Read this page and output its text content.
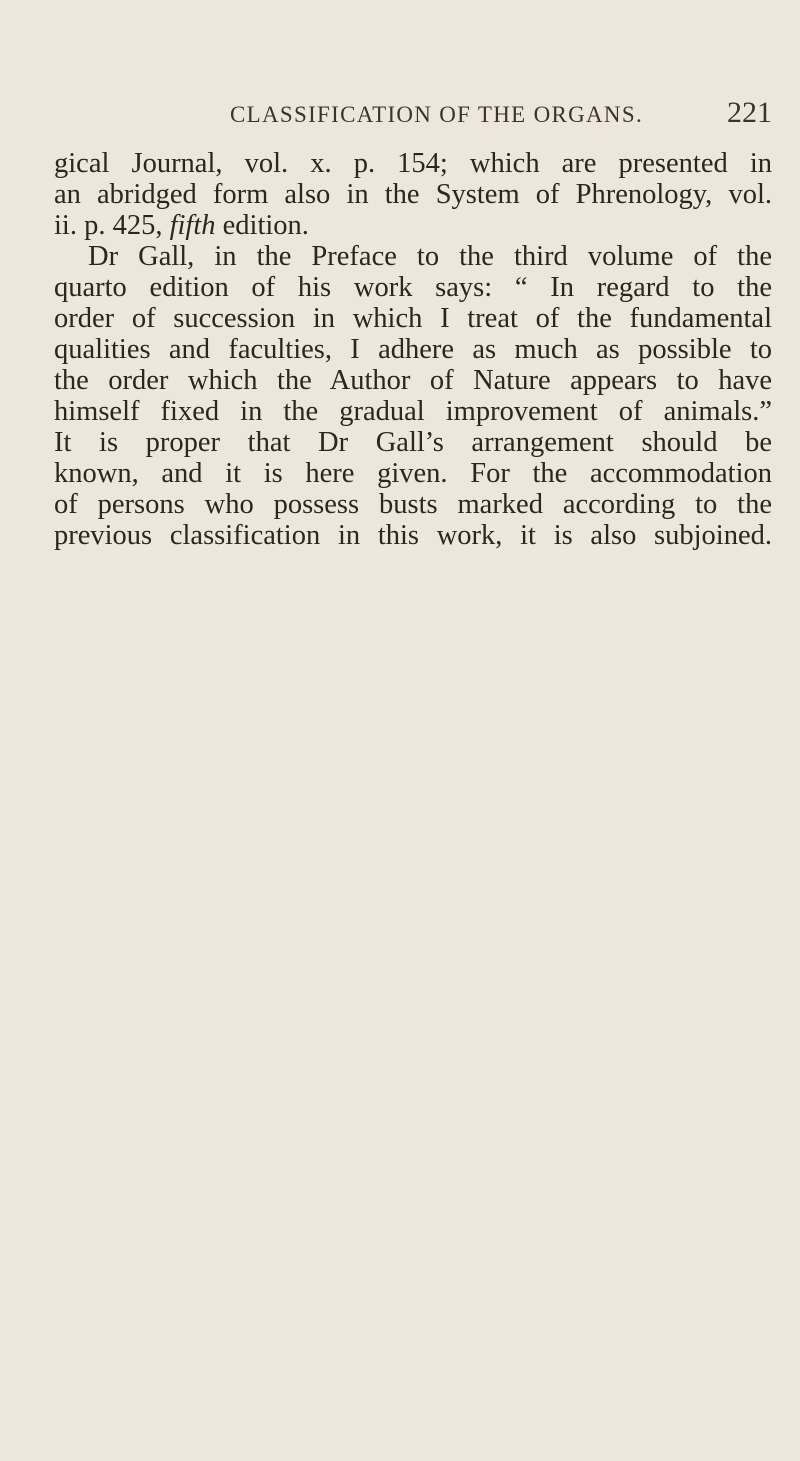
CLASSIFICATION OF THE ORGANS.	221
gical Journal, vol. x. p. 154; which are presented in
an abridged form also in the System of Phrenology, vol.
ii. p. 425, fifth edition.
Dr Gall, in the Preface to the third volume of the
quarto edition of his work says: “ In regard to the
order of succession in which I treat of the fundamental
qualities and faculties, I adhere as much as possible to
the order which the Author of Nature appears to have
himself fixed in the gradual improvement of animals.”
It is proper that Dr Gall’s arrangement should be
known, and it is here given. For the accommodation
of persons who possess busts marked according to the
previous classification in this work, it is also subjoined.
